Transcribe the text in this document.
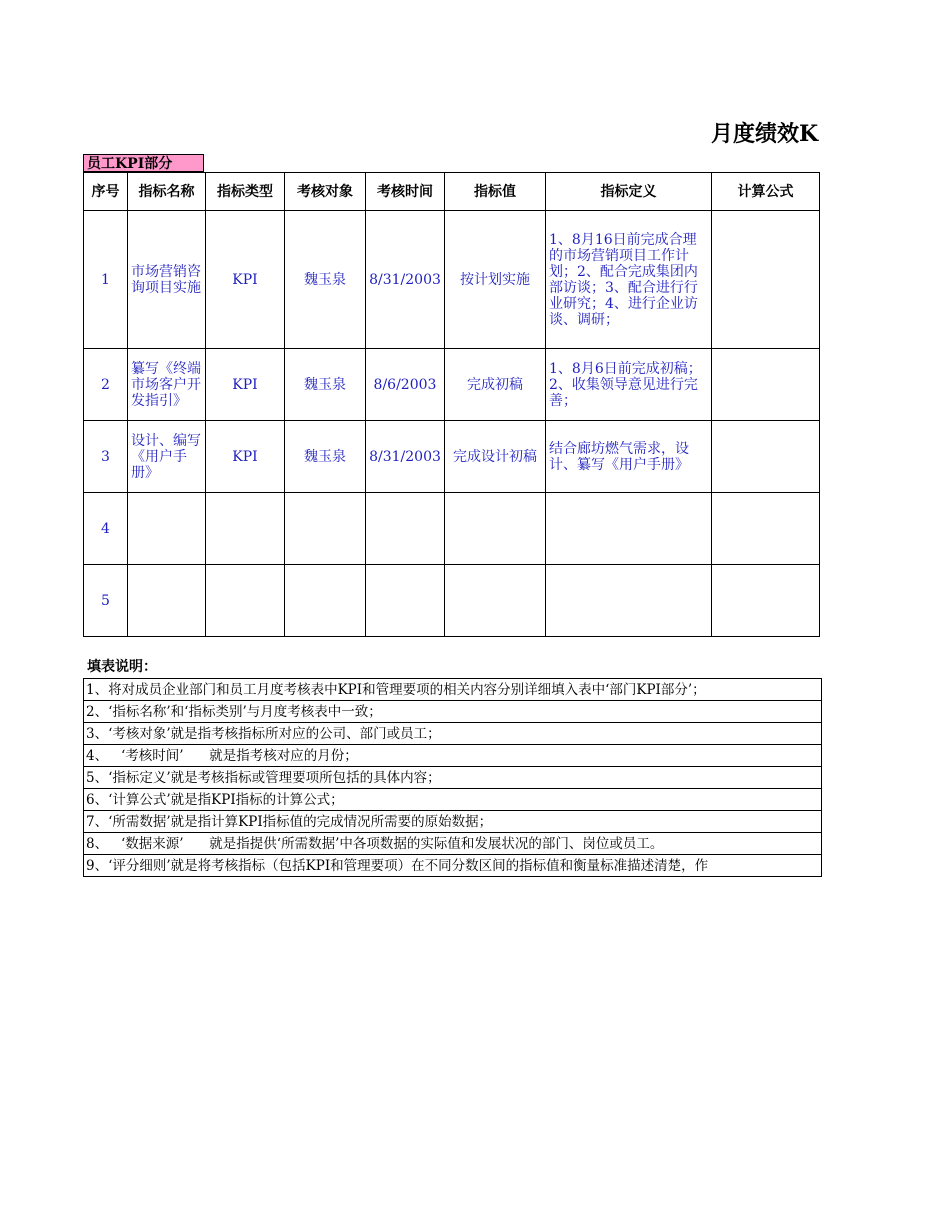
月度绩效K
员工KPI部分
序号	指标名称	指标类型	考核对象	考核时间	指标值	指标定义	计算公式
1	市场营销咨询项目实施	KPI	魏玉泉	8/31/2003	按计划实施	1、8月16日前完成合理的市场营销项目工作计划；2、配合完成集团内部访谈；3、配合进行行业研究；4、进行企业访谈、调研；	
2	纂写《终端市场客户开发指引》	KPI	魏玉泉	8/6/2003	完成初稿	1、8月6日前完成初稿；2、收集领导意见进行完善；	
3	设计、编写《用户手册》	KPI	魏玉泉	8/31/2003	完成设计初稿	结合廊坊燃气需求，设计、纂写《用户手册》	
4							
5							
填表说明：
1、将对成员企业部门和员工月度考核表中KPI和管理要项的相关内容分别详细填入表中‘部门KPI部分’；
2、‘指标名称’和‘指标类别’与月度考核表中一致；
3、‘考核对象’就是指考核指标所对应的公司、部门或员工；
4、   ‘考核时间’      就是指考核对应的月份；
5、‘指标定义’就是考核指标或管理要项所包括的具体内容；
6、‘计算公式’就是指KPI指标的计算公式；
7、‘所需数据’就是指计算KPI指标值的完成情况所需要的原始数据；
8、   ‘数据来源’      就是指提供‘所需数据’中各项数据的实际值和发展状况的部门、岗位或员工。
9、‘评分细则’就是将考核指标（包括KPI和管理要项）在不同分数区间的指标值和衡量标准描述清楚，作
